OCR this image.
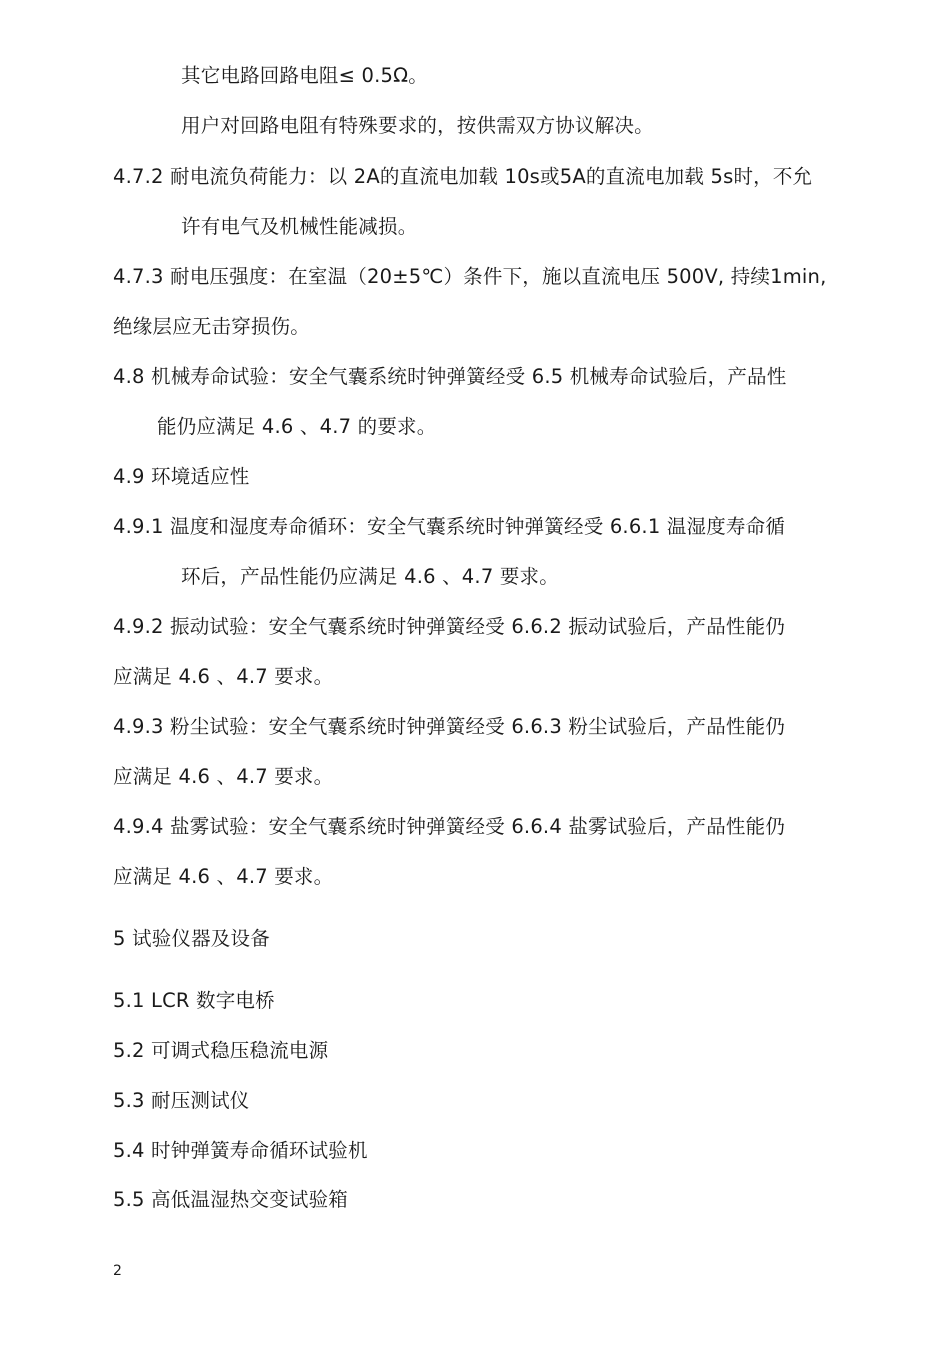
其它电路回路电阻≤ 0.5Ω。
用户对回路电阻有特殊要求的，按供需双方协议解决。
4.7.2 耐电流负荷能力：以 2A的直流电加载 10s或5A的直流电加载 5s时，不允
许有电气及机械性能减损。
4.7.3 耐电压强度：在室温（20±5℃）条件下，施以直流电压 500V, 持续1min,
绝缘层应无击穿损伤。
4.8 机械寿命试验：安全气囊系统时钟弹簧经受 6.5 机械寿命试验后，产品性
能仍应满足 4.6 、4.7 的要求。
4.9 环境适应性
4.9.1 温度和湿度寿命循环：安全气囊系统时钟弹簧经受 6.6.1 温湿度寿命循
环后，产品性能仍应满足 4.6 、4.7 要求。
4.9.2 振动试验：安全气囊系统时钟弹簧经受 6.6.2 振动试验后，产品性能仍
应满足 4.6 、4.7 要求。
4.9.3 粉尘试验：安全气囊系统时钟弹簧经受 6.6.3 粉尘试验后，产品性能仍
应满足 4.6 、4.7 要求。
4.9.4 盐雾试验：安全气囊系统时钟弹簧经受 6.6.4 盐雾试验后，产品性能仍
应满足 4.6 、4.7 要求。
5 试验仪器及设备
5.1 LCR 数字电桥
5.2 可调式稳压稳流电源
5.3 耐压测试仪
5.4 时钟弹簧寿命循环试验机
5.5 高低温湿热交变试验箱
2
